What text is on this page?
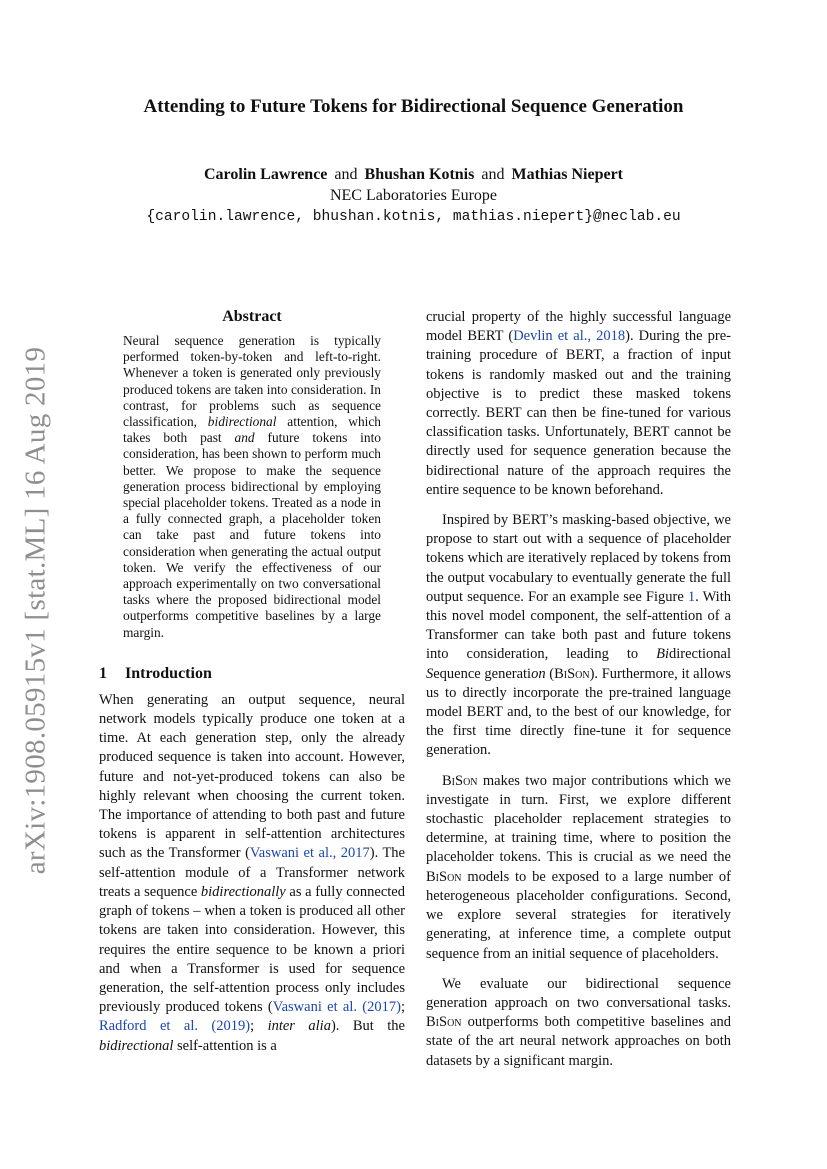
arXiv:1908.05915v1 [stat.ML] 16 Aug 2019
Attending to Future Tokens for Bidirectional Sequence Generation
Carolin Lawrence and Bhushan Kotnis and Mathias Niepert
NEC Laboratories Europe
{carolin.lawrence, bhushan.kotnis, mathias.niepert}@neclab.eu
Abstract

Neural sequence generation is typically performed token-by-token and left-to-right. Whenever a token is generated only previously produced tokens are taken into consideration. In contrast, for problems such as sequence classification, bidirectional attention, which takes both past and future tokens into consideration, has been shown to perform much better. We propose to make the sequence generation process bidirectional by employing special placeholder tokens. Treated as a node in a fully connected graph, a placeholder token can take past and future tokens into consideration when generating the actual output token. We verify the effectiveness of our approach experimentally on two conversational tasks where the proposed bidirectional model outperforms competitive baselines by a large margin.

1 Introduction

When generating an output sequence, neural network models typically produce one token at a time. At each generation step, only the already produced sequence is taken into account. However, future and not-yet-produced tokens can also be highly relevant when choosing the current token. The importance of attending to both past and future tokens is apparent in self-attention architectures such as the Transformer (Vaswani et al., 2017). The self-attention module of a Transformer network treats a sequence bidirectionally as a fully connected graph of tokens – when a token is produced all other tokens are taken into consideration. However, this requires the entire sequence to be known a priori and when a Transformer is used for sequence generation, the self-attention process only includes previously produced tokens (Vaswani et al. (2017); Radford et al. (2019); inter alia). But the bidirectional self-attention is a

crucial property of the highly successful language model BERT (Devlin et al., 2018). During the pre-training procedure of BERT, a fraction of input tokens is randomly masked out and the training objective is to predict these masked tokens correctly. BERT can then be fine-tuned for various classification tasks. Unfortunately, BERT cannot be directly used for sequence generation because the bidirectional nature of the approach requires the entire sequence to be known beforehand.

Inspired by BERT’s masking-based objective, we propose to start out with a sequence of placeholder tokens which are iteratively replaced by tokens from the output vocabulary to eventually generate the full output sequence. For an example see Figure 1. With this novel model component, the self-attention of a Transformer can take both past and future tokens into consideration, leading to Bidirectional Sequence generation (BiSon). Furthermore, it allows us to directly incorporate the pre-trained language model BERT and, to the best of our knowledge, for the first time directly fine-tune it for sequence generation.

BiSon makes two major contributions which we investigate in turn. First, we explore different stochastic placeholder replacement strategies to determine, at training time, where to position the placeholder tokens. This is crucial as we need the BiSon models to be exposed to a large number of heterogeneous placeholder configurations. Second, we explore several strategies for iteratively generating, at inference time, a complete output sequence from an initial sequence of placeholders.

We evaluate our bidirectional sequence generation approach on two conversational tasks. BiSon outperforms both competitive baselines and state of the art neural network approaches on both datasets by a significant margin.
